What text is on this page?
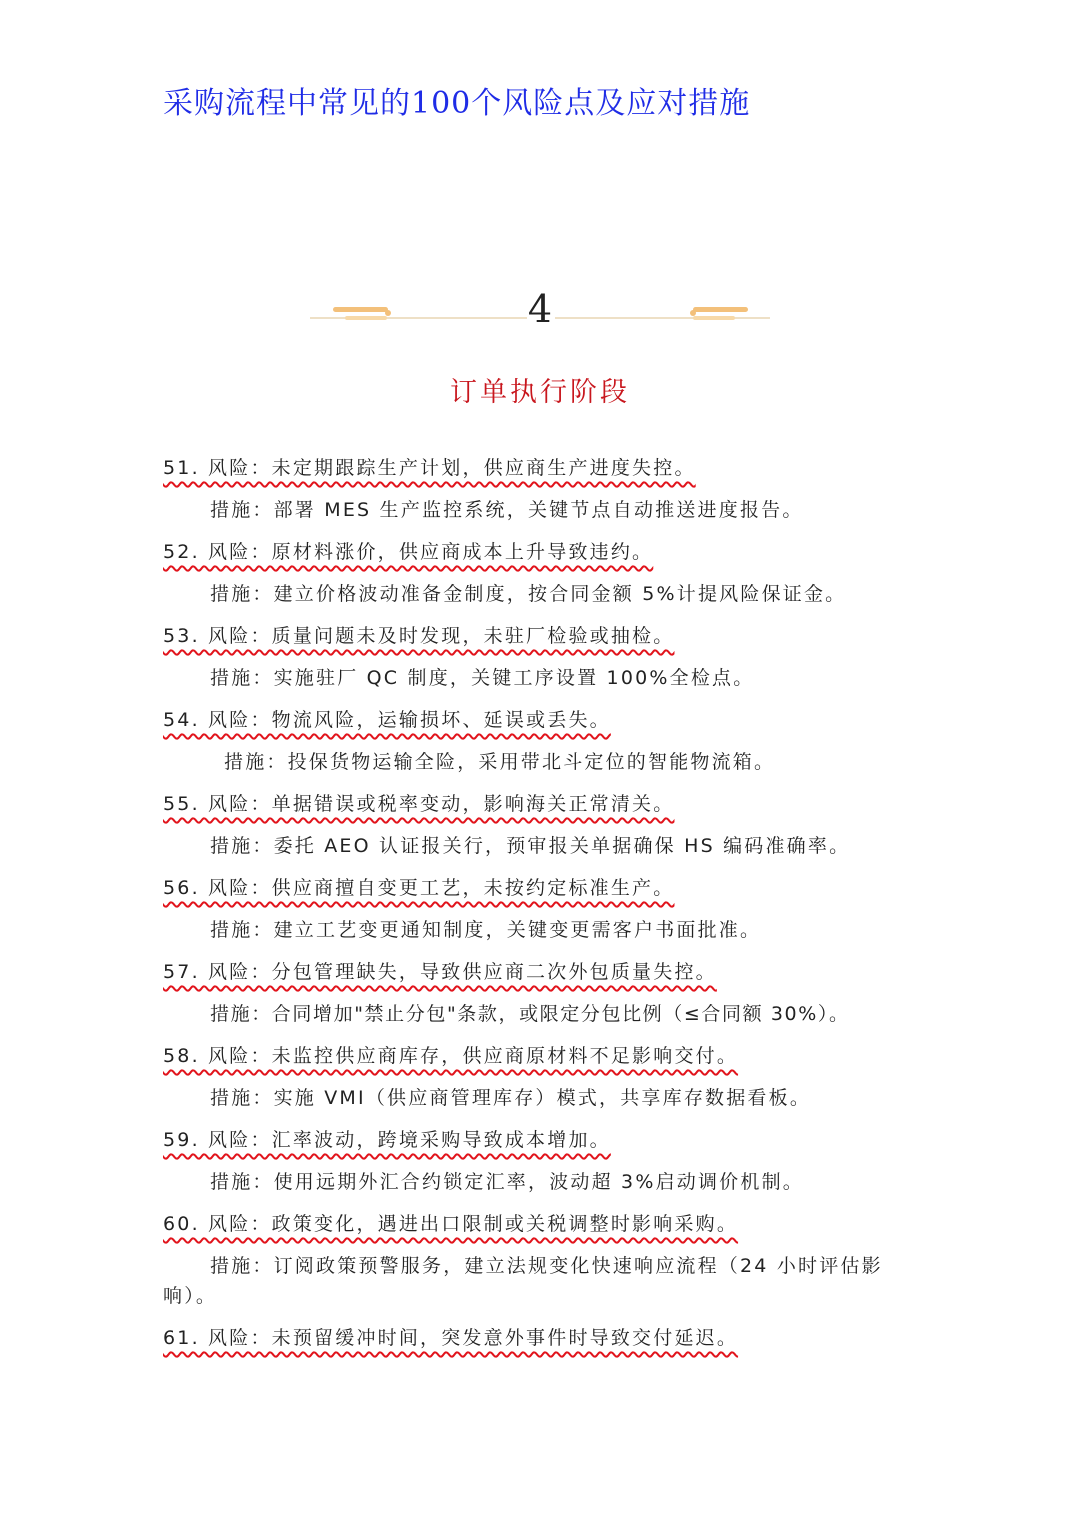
采购流程中常见的100个风险点及应对措施
4
订单执行阶段
51. 风险：未定期跟踪生产计划，供应商生产进度失控。
措施：部署 MES 生产监控系统，关键节点自动推送进度报告。
52. 风险：原材料涨价，供应商成本上升导致违约。
措施：建立价格波动准备金制度，按合同金额 5%计提风险保证金。
53. 风险：质量问题未及时发现，未驻厂检验或抽检。
措施：实施驻厂 QC 制度，关键工序设置 100%全检点。
54. 风险：物流风险，运输损坏、延误或丢失。
措施：投保货物运输全险，采用带北斗定位的智能物流箱。
55. 风险：单据错误或税率变动，影响海关正常清关。
措施：委托 AEO 认证报关行，预审报关单据确保 HS 编码准确率。
56. 风险：供应商擅自变更工艺，未按约定标准生产。
措施：建立工艺变更通知制度，关键变更需客户书面批准。
57. 风险：分包管理缺失，导致供应商二次外包质量失控。
措施：合同增加"禁止分包"条款，或限定分包比例（≤合同额 30%）。
58. 风险：未监控供应商库存，供应商原材料不足影响交付。
措施：实施 VMI（供应商管理库存）模式，共享库存数据看板。
59. 风险：汇率波动，跨境采购导致成本增加。
措施：使用远期外汇合约锁定汇率，波动超 3%启动调价机制。
60. 风险：政策变化，遇进出口限制或关税调整时影响采购。
措施：订阅政策预警服务，建立法规变化快速响应流程（24 小时评估影响）。
61. 风险：未预留缓冲时间，突发意外事件时导致交付延迟。
